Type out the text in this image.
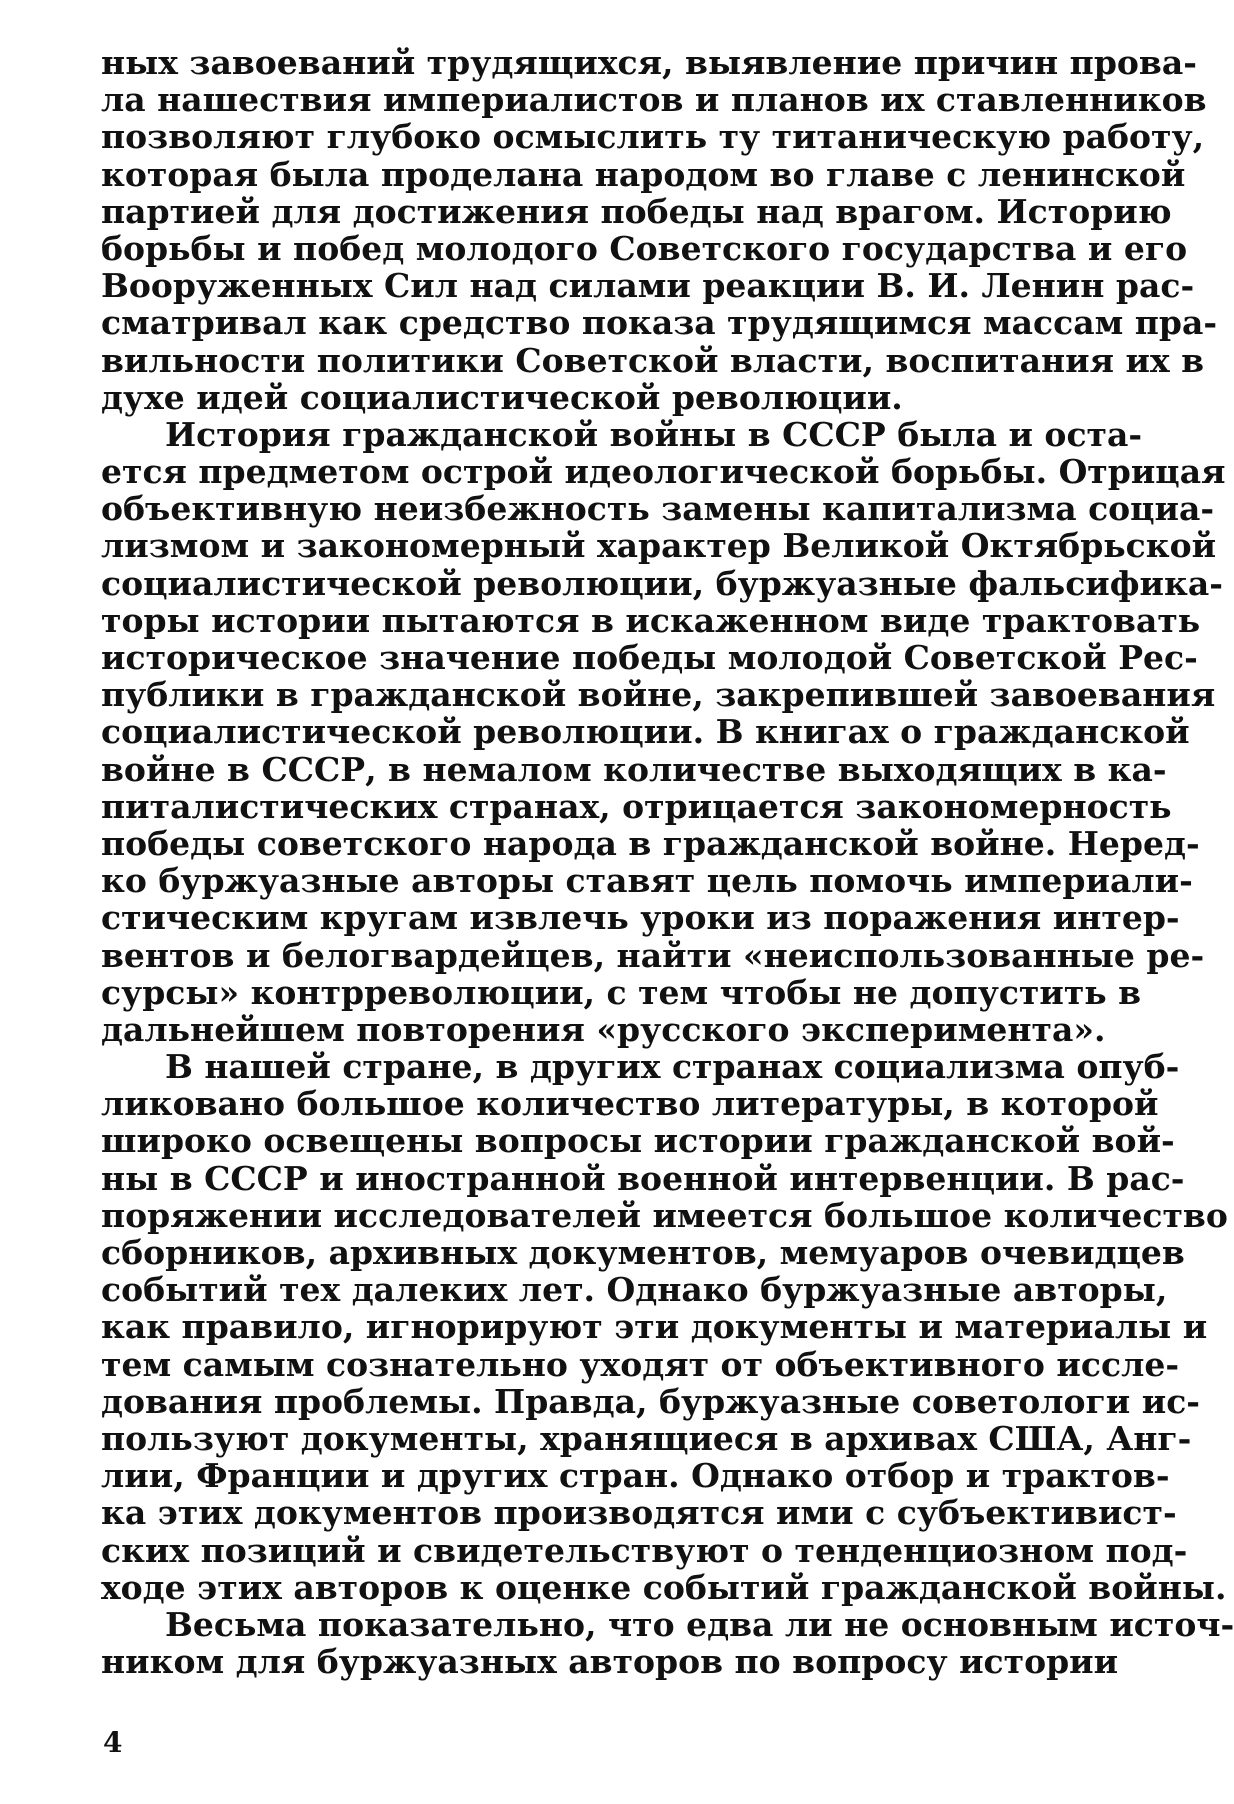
ных завоеваний трудящихся, выявление причин прова-
ла нашествия империалистов и планов их ставленников
позволяют глубоко осмыслить ту титаническую работу,
которая была проделана народом во главе с ленинской
партией для достижения победы над врагом. Историю
борьбы и побед молодого Советского государства и его
Вооруженных Сил над силами реакции В. И. Ленин рас-
сматривал как средство показа трудящимся массам пра-
вильности политики Советской власти, воспитания их в
духе идей социалистической революции.
История гражданской войны в СССР была и оста-
ется предметом острой идеологической борьбы. Отрицая
объективную неизбежность замены капитализма социа-
лизмом и закономерный характер Великой Октябрьской
социалистической революции, буржуазные фальсифика-
торы истории пытаются в искаженном виде трактовать
историческое значение победы молодой Советской Рес-
публики в гражданской войне, закрепившей завоевания
социалистической революции. В книгах о гражданской
войне в СССР, в немалом количестве выходящих в ка-
питалистических странах, отрицается закономерность
победы советского народа в гражданской войне. Неред-
ко буржуазные авторы ставят цель помочь империали-
стическим кругам извлечь уроки из поражения интер-
вентов и белогвардейцев, найти «неиспользованные ре-
сурсы» контрреволюции, с тем чтобы не допустить в
дальнейшем повторения «русского эксперимента».
В нашей стране, в других странах социализма опуб-
ликовано большое количество литературы, в которой
широко освещены вопросы истории гражданской вой-
ны в СССР и иностранной военной интервенции. В рас-
поряжении исследователей имеется большое количество
сборников, архивных документов, мемуаров очевидцев
событий тех далеких лет. Однако буржуазные авторы,
как правило, игнорируют эти документы и материалы и
тем самым сознательно уходят от объективного иссле-
дования проблемы. Правда, буржуазные советологи ис-
пользуют документы, хранящиеся в архивах США, Анг-
лии, Франции и других стран. Однако отбор и трактов-
ка этих документов производятся ими с субъективист-
ских позиций и свидетельствуют о тенденциозном под-
ходе этих авторов к оценке событий гражданской войны.
Весьма показательно, что едва ли не основным источ-
ником для буржуазных авторов по вопросу истории
4
